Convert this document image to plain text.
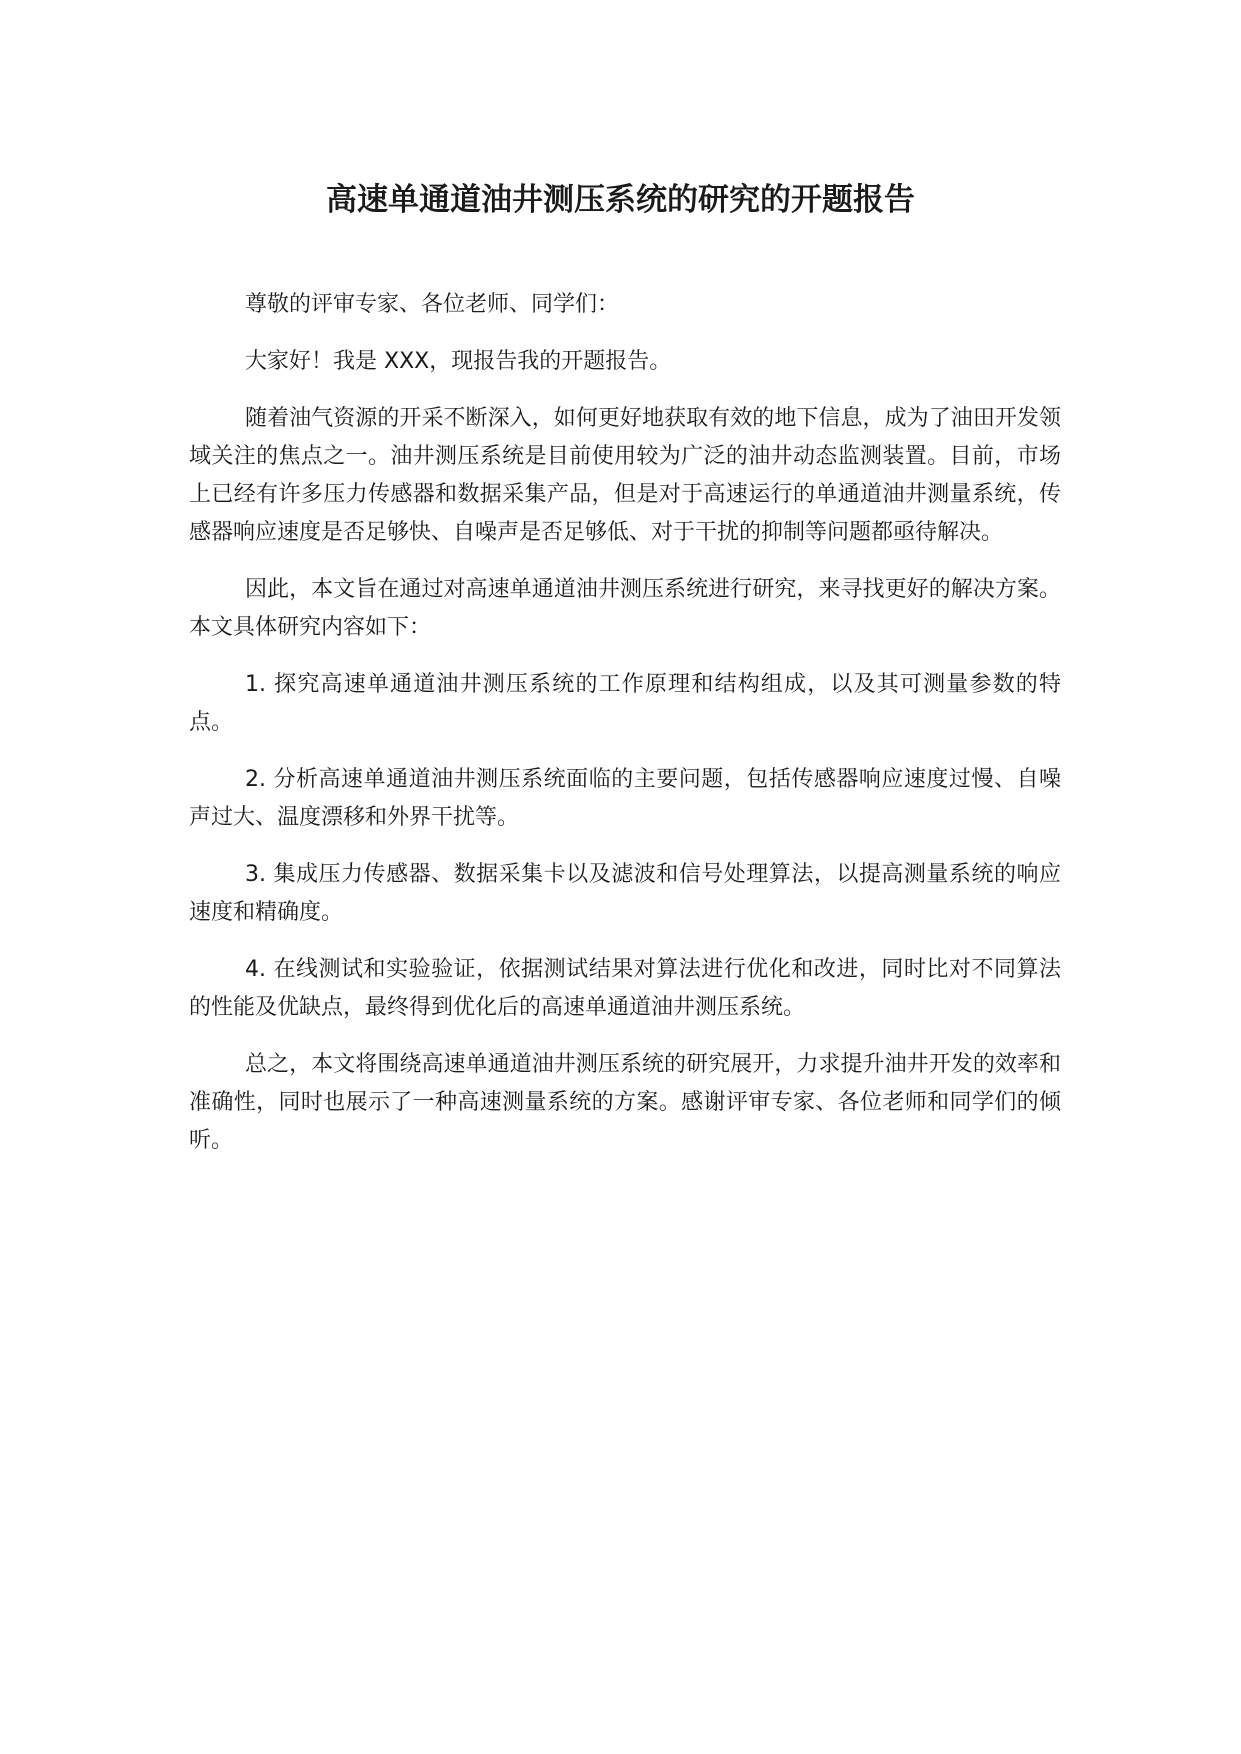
高速单通道油井测压系统的研究的开题报告

尊敬的评审专家、各位老师、同学们：

大家好！我是 XXX，现报告我的开题报告。

随着油气资源的开采不断深入，如何更好地获取有效的地下信息，成为了油田开发领域关注的焦点之一。油井测压系统是目前使用较为广泛的油井动态监测装置。目前，市场上已经有许多压力传感器和数据采集产品，但是对于高速运行的单通道油井测量系统，传感器响应速度是否足够快、自噪声是否足够低、对于干扰的抑制等问题都亟待解决。

因此，本文旨在通过对高速单通道油井测压系统进行研究，来寻找更好的解决方案。本文具体研究内容如下：

1. 探究高速单通道油井测压系统的工作原理和结构组成，以及其可测量参数的特点。

2. 分析高速单通道油井测压系统面临的主要问题，包括传感器响应速度过慢、自噪声过大、温度漂移和外界干扰等。

3. 集成压力传感器、数据采集卡以及滤波和信号处理算法，以提高测量系统的响应速度和精确度。

4. 在线测试和实验验证，依据测试结果对算法进行优化和改进，同时比对不同算法的性能及优缺点，最终得到优化后的高速单通道油井测压系统。

总之，本文将围绕高速单通道油井测压系统的研究展开，力求提升油井开发的效率和准确性，同时也展示了一种高速测量系统的方案。感谢评审专家、各位老师和同学们的倾听。
